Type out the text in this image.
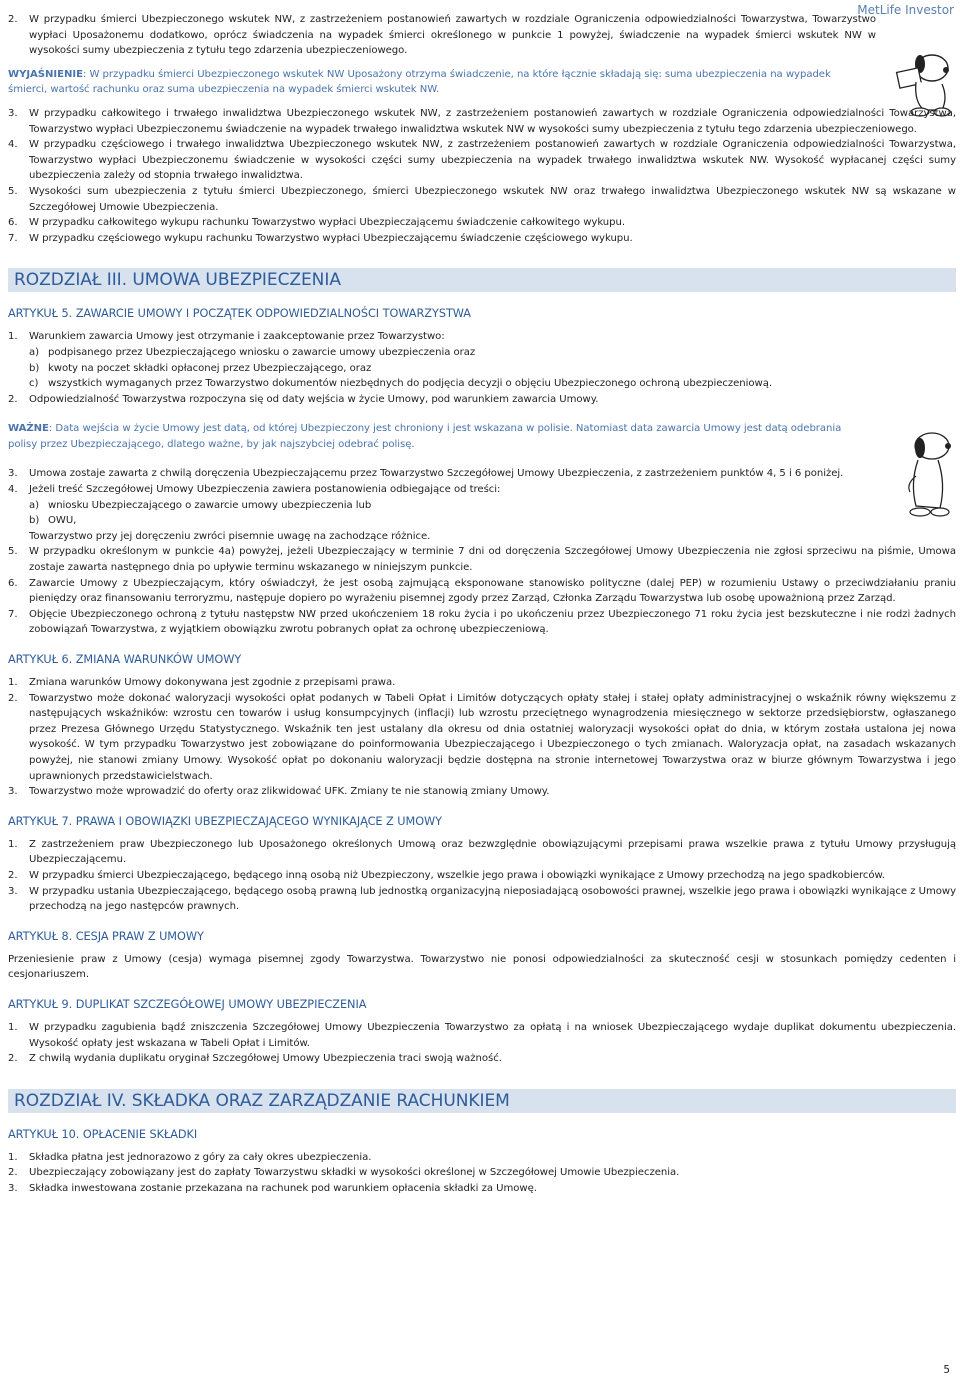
MetLife Investor
2.	W przypadku śmierci Ubezpieczonego wskutek NW, z zastrzeżeniem postanowień zawartych w rozdziale Ograniczenia odpowiedzialności Towarzystwa, Towarzystwo wypłaci Uposażonemu dodatkowo, oprócz świadczenia na wypadek śmierci określonego w punkcie 1 powyżej, świadczenie na wypadek śmierci wskutek NW w wysokości sumy ubezpieczenia z tytułu tego zdarzenia ubezpieczeniowego.
WYJAŚNIENIE: W przypadku śmierci Ubezpieczonego wskutek NW Uposażony otrzyma świadczenie, na które łącznie składają się: suma ubezpieczenia na wypadek śmierci, wartość rachunku oraz suma ubezpieczenia na wypadek śmierci wskutek NW.
3.	W przypadku całkowitego i trwałego inwalidztwa Ubezpieczonego wskutek NW, z zastrzeżeniem postanowień zawartych w rozdziale Ograniczenia odpowiedzialności Towarzystwa, Towarzystwo wypłaci Ubezpieczonemu świadczenie na wypadek trwałego inwalidztwa wskutek NW w wysokości sumy ubezpieczenia z tytułu tego zdarzenia ubezpieczeniowego.
4.	W przypadku częściowego i trwałego inwalidztwa Ubezpieczonego wskutek NW, z zastrzeżeniem postanowień zawartych w rozdziale Ograniczenia odpowiedzialności Towarzystwa, Towarzystwo wypłaci Ubezpieczonemu świadczenie w wysokości części sumy ubezpieczenia na wypadek trwałego inwalidztwa wskutek NW. Wysokość wypłacanej części sumy ubezpieczenia zależy od stopnia trwałego inwalidztwa.
5.	Wysokości sum ubezpieczenia z tytułu śmierci Ubezpieczonego, śmierci Ubezpieczonego wskutek NW oraz trwałego inwalidztwa Ubezpieczonego wskutek NW są wskazane w Szczegółowej Umowie Ubezpieczenia.
6.	W przypadku całkowitego wykupu rachunku Towarzystwo wypłaci Ubezpieczającemu świadczenie całkowitego wykupu.
7.	W przypadku częściowego wykupu rachunku Towarzystwo wypłaci Ubezpieczającemu świadczenie częściowego wykupu.
ROZDZIAŁ III. UMOWA UBEZPIECZENIA
ARTYKUŁ 5. ZAWARCIE UMOWY I POCZĄTEK ODPOWIEDZIALNOŚCI TOWARZYSTWA
1.	Warunkiem zawarcia Umowy jest otrzymanie i zaakceptowanie przez Towarzystwo:
a) podpisanego przez Ubezpieczającego wniosku o zawarcie umowy ubezpieczenia oraz
b) kwoty na poczet składki opłaconej przez Ubezpieczającego, oraz
c) wszystkich wymaganych przez Towarzystwo dokumentów niezbędnych do podjęcia decyzji o objęciu Ubezpieczonego ochroną ubezpieczeniową.
2.	Odpowiedzialność Towarzystwa rozpoczyna się od daty wejścia w życie Umowy, pod warunkiem zawarcia Umowy.
WAŻNE: Data wejścia w życie Umowy jest datą, od której Ubezpieczony jest chroniony i jest wskazana w polisie. Natomiast data zawarcia Umowy jest datą odebrania polisy przez Ubezpieczającego, dlatego ważne, by jak najszybciej odebrać polisę.
3.	Umowa zostaje zawarta z chwilą doręczenia Ubezpieczającemu przez Towarzystwo Szczegółowej Umowy Ubezpieczenia, z zastrzeżeniem punktów 4, 5 i 6 poniżej.
4.	Jeżeli treść Szczegółowej Umowy Ubezpieczenia zawiera postanowienia odbiegające od treści:
a) wniosku Ubezpieczającego o zawarcie umowy ubezpieczenia lub
b) OWU,
Towarzystwo przy jej doręczeniu zwróci pisemnie uwagę na zachodzące różnice.
5.	W przypadku określonym w punkcie 4a) powyżej, jeżeli Ubezpieczający w terminie 7 dni od doręczenia Szczegółowej Umowy Ubezpieczenia nie zgłosi sprzeciwu na piśmie, Umowa zostaje zawarta następnego dnia po upływie terminu wskazanego w niniejszym punkcie.
6.	Zawarcie Umowy z Ubezpieczającym, który oświadczył, że jest osobą zajmującą eksponowane stanowisko polityczne (dalej PEP) w rozumieniu Ustawy o przeciwdziałaniu praniu pieniędzy oraz finansowaniu terroryzmu, następuje dopiero po wyrażeniu pisemnej zgody przez Zarząd, Członka Zarządu Towarzystwa lub osobę upoważnioną przez Zarząd.
7.	Objęcie Ubezpieczonego ochroną z tytułu następstw NW przed ukończeniem 18 roku życia i po ukończeniu przez Ubezpieczonego 71 roku życia jest bezskuteczne i nie rodzi żadnych zobowiązań Towarzystwa, z wyjątkiem obowiązku zwrotu pobranych opłat za ochronę ubezpieczeniową.
ARTYKUŁ 6. ZMIANA WARUNKÓW UMOWY
1.	Zmiana warunków Umowy dokonywana jest zgodnie z przepisami prawa.
2.	Towarzystwo może dokonać waloryzacji wysokości opłat podanych w Tabeli Opłat i Limitów dotyczących opłaty stałej i stałej opłaty administracyjnej o wskaźnik równy większemu z następujących wskaźników: wzrostu cen towarów i usług konsumpcyjnych (inflacji) lub wzrostu przeciętnego wynagrodzenia miesięcznego w sektorze przedsiębiorstw, ogłaszanego przez Prezesa Głównego Urzędu Statystycznego. Wskaźnik ten jest ustalany dla okresu od dnia ostatniej waloryzacji wysokości opłat do dnia, w którym została ustalona jej nowa wysokość. W tym przypadku Towarzystwo jest zobowiązane do poinformowania Ubezpieczającego i Ubezpieczonego o tych zmianach. Waloryzacja opłat, na zasadach wskazanych powyżej, nie stanowi zmiany Umowy. Wysokość opłat po dokonaniu waloryzacji będzie dostępna na stronie internetowej Towarzystwa oraz w biurze głównym Towarzystwa i jego uprawnionych przedstawicielstwach.
3.	Towarzystwo może wprowadzić do oferty oraz zlikwidować UFK. Zmiany te nie stanowią zmiany Umowy.
ARTYKUŁ 7. PRAWA I OBOWIĄZKI UBEZPIECZAJĄCEGO WYNIKAJĄCE Z UMOWY
1.	Z zastrzeżeniem praw Ubezpieczonego lub Uposażonego określonych Umową oraz bezwzględnie obowiązującymi przepisami prawa wszelkie prawa z tytułu Umowy przysługują Ubezpieczającemu.
2.	W przypadku śmierci Ubezpieczającego, będącego inną osobą niż Ubezpieczony, wszelkie jego prawa i obowiązki wynikające z Umowy przechodzą na jego spadkobierców.
3.	W przypadku ustania Ubezpieczającego, będącego osobą prawną lub jednostką organizacyjną nieposiadającą osobowości prawnej, wszelkie jego prawa i obowiązki wynikające z Umowy przechodzą na jego następców prawnych.
ARTYKUŁ 8. CESJA PRAW Z UMOWY
Przeniesienie praw z Umowy (cesja) wymaga pisemnej zgody Towarzystwa. Towarzystwo nie ponosi odpowiedzialności za skuteczność cesji w stosunkach pomiędzy cedenten i cesjonariuszem.
ARTYKUŁ 9. DUPLIKAT SZCZEGÓŁOWEJ UMOWY UBEZPIECZENIA
1.	W przypadku zagubienia bądź zniszczenia Szczegółowej Umowy Ubezpieczenia Towarzystwo za opłatą i na wniosek Ubezpieczającego wydaje duplikat dokumentu ubezpieczenia. Wysokość opłaty jest wskazana w Tabeli Opłat i Limitów.
2.	Z chwilą wydania duplikatu oryginał Szczegółowej Umowy Ubezpieczenia traci swoją ważność.
ROZDZIAŁ IV. SKŁADKA ORAZ ZARZĄDZANIE RACHUNKIEM
ARTYKUŁ 10. OPŁACENIE SKŁADKI
1.	Składka płatna jest jednorazowo z góry za cały okres ubezpieczenia.
2.	Ubezpieczający zobowiązany jest do zapłaty Towarzystwu składki w wysokości określonej w Szczegółowej Umowie Ubezpieczenia.
3.	Składka inwestowana zostanie przekazana na rachunek pod warunkiem opłacenia składki za Umowę.
5
